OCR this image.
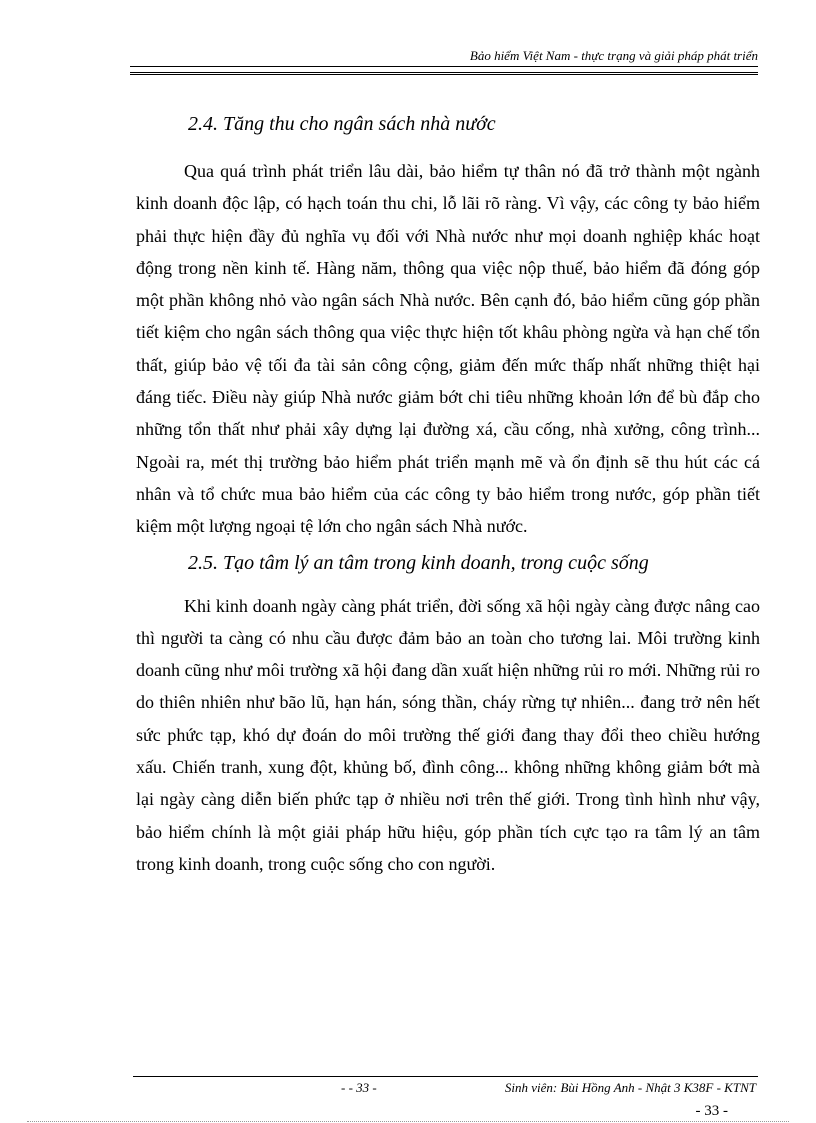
Bảo hiểm Việt Nam - thực trạng và giải pháp phát triển
2.4. Tăng thu cho ngân sách nhà nước

Qua quá trình phát triển lâu dài, bảo hiểm tự thân nó đã trở thành một ngành kinh doanh độc lập, có hạch toán thu chi, lỗ lãi rõ ràng. Vì vậy, các công ty bảo hiểm phải thực hiện đầy đủ nghĩa vụ đối với Nhà nước như mọi doanh nghiệp khác hoạt động trong nền kinh tế. Hàng năm, thông qua việc nộp thuế, bảo hiểm đã đóng góp một phần không nhỏ vào ngân sách Nhà nước. Bên cạnh đó, bảo hiểm cũng góp phần tiết kiệm cho ngân sách thông qua việc thực hiện tốt khâu phòng ngừa và hạn chế tổn thất, giúp bảo vệ tối đa tài sản công cộng, giảm đến mức thấp nhất những thiệt hại đáng tiếc. Điều này giúp Nhà nước giảm bớt chi tiêu những khoản lớn để bù đắp cho những tổn thất như phải xây dựng lại đường xá, cầu cống, nhà xưởng, công trình... Ngoài ra, mét thị trường bảo hiểm phát triển mạnh mẽ và ổn định sẽ thu hút các cá nhân và tổ chức mua bảo hiểm của các công ty bảo hiểm trong nước, góp phần tiết kiệm một lượng ngoại tệ lớn cho ngân sách Nhà nước.

2.5. Tạo tâm lý an tâm trong kinh doanh, trong cuộc sống

Khi kinh doanh ngày càng phát triển, đời sống xã hội ngày càng được nâng cao thì người ta càng có nhu cầu được đảm bảo an toàn cho tương lai. Môi trường kinh doanh cũng như môi trường xã hội đang dần xuất hiện những rủi ro mới. Những rủi ro do thiên nhiên như bão lũ, hạn hán, sóng thần, cháy rừng tự nhiên... đang trở nên hết sức phức tạp, khó dự đoán do môi trường thế giới đang thay đổi theo chiều hướng xấu. Chiến tranh, xung đột, khủng bố, đình công... không những không giảm bớt mà lại ngày càng diễn biến phức tạp ở nhiều nơi trên thế giới. Trong tình hình như vậy, bảo hiểm chính là một giải pháp hữu hiệu, góp phần tích cực tạo ra tâm lý an tâm trong kinh doanh, trong cuộc sống cho con người.

- - 33 -	Sinh viên: Bùi Hồng Anh - Nhật 3 K38F - KTNT
- 33 -
